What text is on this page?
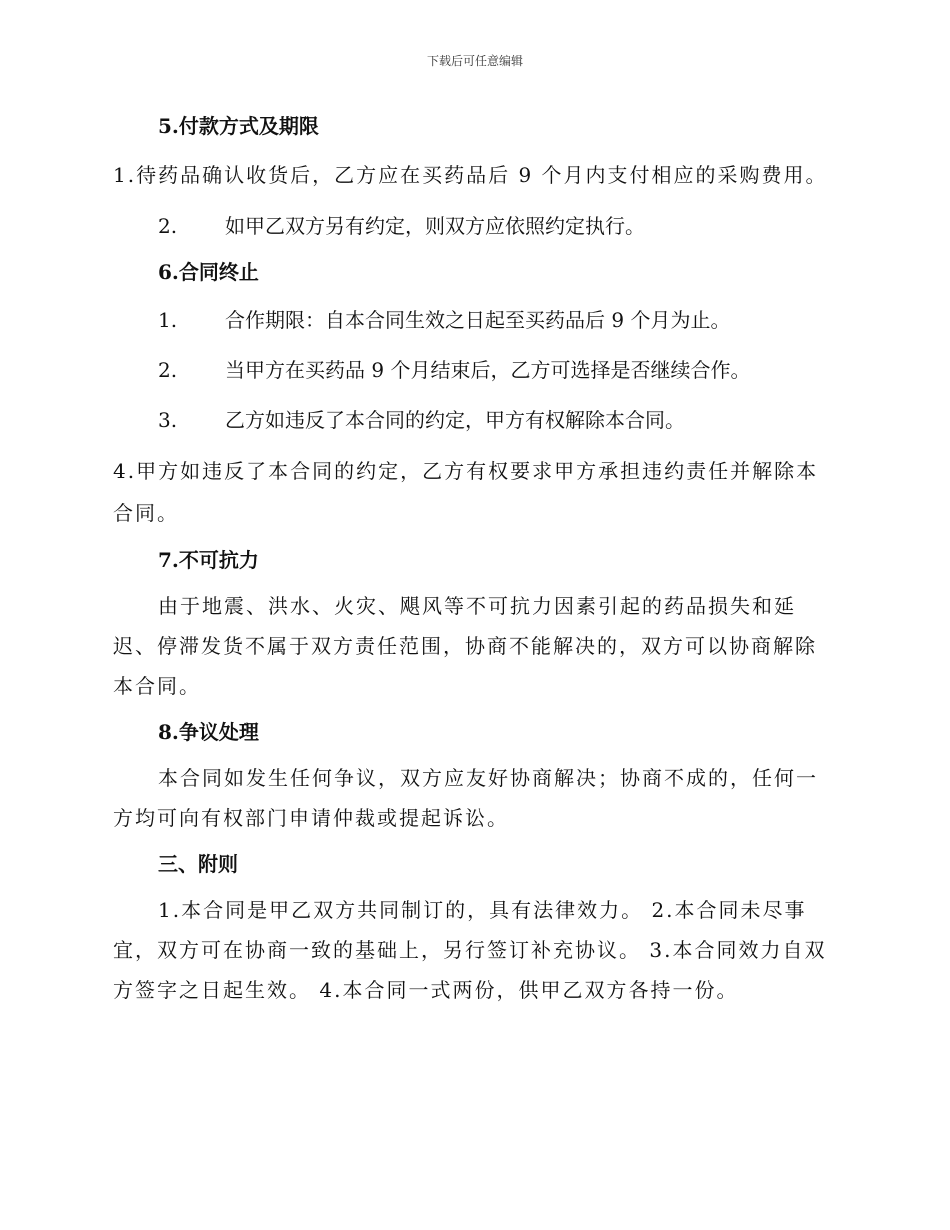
下载后可任意编辑
5.付款方式及期限

1.待药品确认收货后，乙方应在买药品后 9 个月内支付相应的采购费用。

2. 如甲乙双方另有约定，则双方应依照约定执行。

6.合同终止

1. 合作期限：自本合同生效之日起至买药品后 9 个月为止。

2. 当甲方在买药品 9 个月结束后，乙方可选择是否继续合作。

3. 乙方如违反了本合同的约定，甲方有权解除本合同。

4.甲方如违反了本合同的约定，乙方有权要求甲方承担违约责任并解除本合同。

7.不可抗力

由于地震、洪水、火灾、飓风等不可抗力因素引起的药品损失和延迟、停滞发货不属于双方责任范围，协商不能解决的，双方可以协商解除本合同。

8.争议处理

本合同如发生任何争议，双方应友好协商解决；协商不成的，任何一方均可向有权部门申请仲裁或提起诉讼。

三、附则

1.本合同是甲乙双方共同制订的，具有法律效力。 2.本合同未尽事宜，双方可在协商一致的基础上，另行签订补充协议。 3.本合同效力自双方签字之日起生效。 4.本合同一式两份，供甲乙双方各持一份。
